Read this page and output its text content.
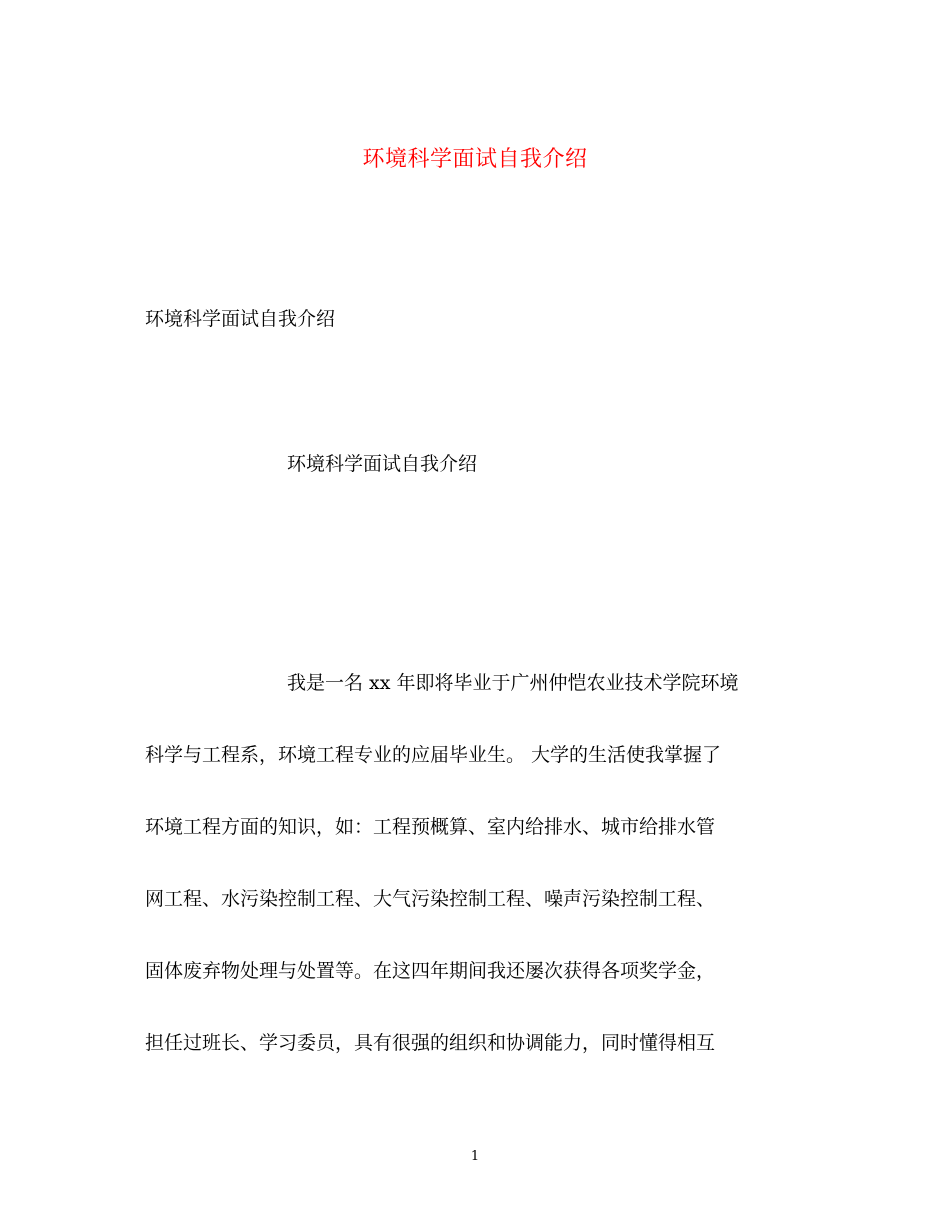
环境科学面试自我介绍
环境科学面试自我介绍
环境科学面试自我介绍
我是一名 xx 年即将毕业于广州仲恺农业技术学院环境
科学与工程系，环境工程专业的应届毕业生。 大学的生活使我掌握了
环境工程方面的知识，如：工程预概算、室内给排水、城市给排水管
网工程、水污染控制工程、大气污染控制工程、噪声污染控制工程、
固体废弃物处理与处置等。在这四年期间我还屡次获得各项奖学金，
担任过班长、学习委员，具有很强的组织和协调能力，同时懂得相互
1
